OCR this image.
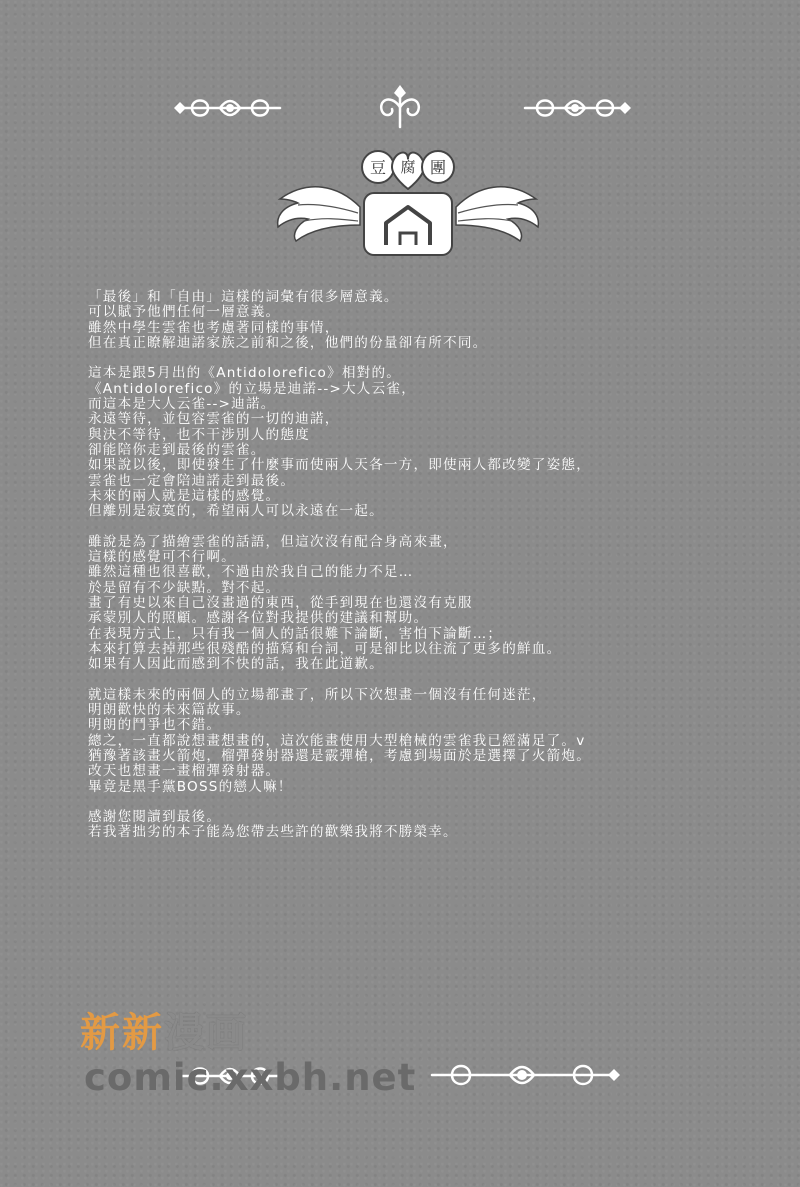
豆 腐 團
「最後」和「自由」這樣的詞彙有很多層意義。
可以賦予他們任何一層意義。
雖然中學生雲雀也考慮著同樣的事情，
但在真正瞭解迪諾家族之前和之後，他們的份量卻有所不同。
這本是跟5月出的《Antidolorefico》相對的。
《Antidolorefico》的立場是迪諾-->大人云雀，
而這本是大人云雀-->迪諾。
永遠等待，並包容雲雀的一切的迪諾，
與決不等待，也不干涉別人的態度
卻能陪你走到最後的雲雀。
如果說以後，即使發生了什麼事而使兩人天各一方，即使兩人都改變了姿態，
雲雀也一定會陪迪諾走到最後。
未來的兩人就是這樣的感覺。
但離別是寂寞的，希望兩人可以永遠在一起。
雖說是為了描繪雲雀的話語，但這次沒有配合身高來畫，
這樣的感覺可不行啊。
雖然這種也很喜歡，不過由於我自己的能力不足…
於是留有不少缺點。對不起。
畫了有史以來自己沒畫過的東西，從手到現在也還沒有克服
承蒙別人的照顧。感謝各位對我提供的建議和幫助。
在表現方式上，只有我一個人的話很難下論斷，害怕下論斷…；
本來打算去掉那些很殘酷的描寫和台詞，可是卻比以往流了更多的鮮血。
如果有人因此而感到不快的話，我在此道歉。
就這樣未來的兩個人的立場都畫了，所以下次想畫一個沒有任何迷茫，
明朗歡快的未來篇故事。
明朗的鬥爭也不錯。
總之，一直都說想畫想畫的，這次能畫使用大型槍械的雲雀我已經滿足了。v
猶豫著該畫火箭炮，榴彈發射器還是霰彈槍，考慮到場面於是選擇了火箭炮。
改天也想畫一畫榴彈發射器。
畢竟是黑手黨BOSS的戀人嘛！
感謝您閱讀到最後。
若我著拙劣的本子能為您帶去些許的歡樂我將不勝榮幸。
新新漫画
comic.xxbh.net
